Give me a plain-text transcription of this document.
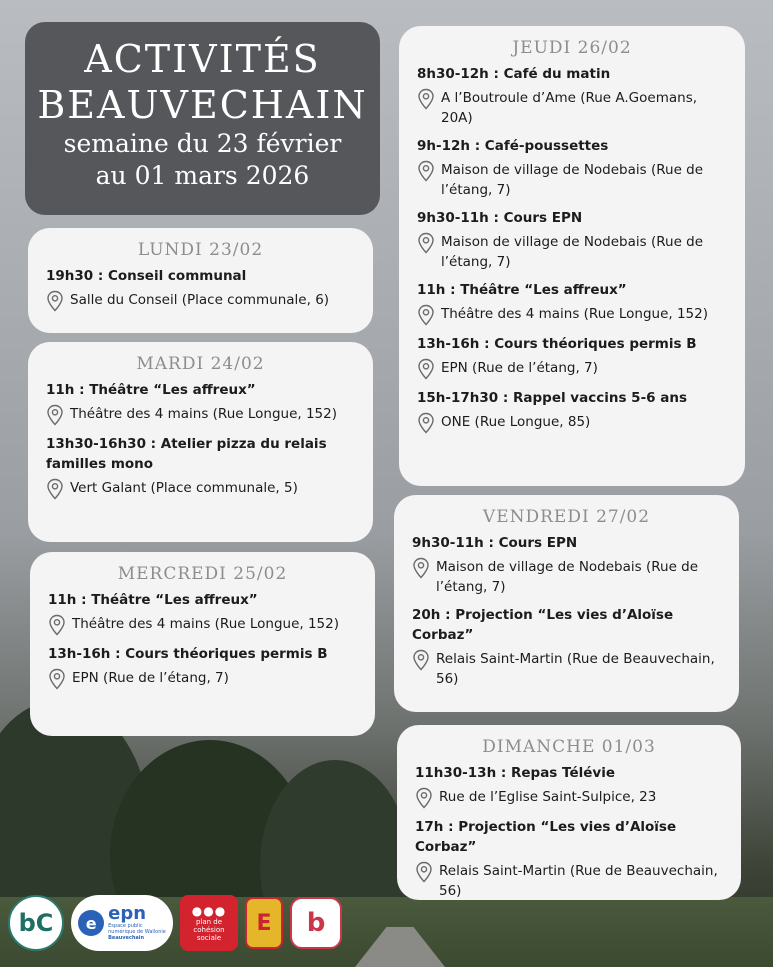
ACTIVITÉS
BEAUVECHAIN
semaine du 23 février
au 01 mars 2026
LUNDI 23/02
19h30 : Conseil communal
Salle du Conseil (Place communale, 6)
MARDI 24/02
11h : Théâtre “Les affreux”
Théâtre des 4 mains (Rue Longue, 152)
13h30-16h30 : Atelier pizza du relais familles mono
Vert Galant (Place communale, 5)
MERCREDI 25/02
11h : Théâtre “Les affreux”
Théâtre des 4 mains (Rue Longue, 152)
13h-16h : Cours théoriques permis B
EPN (Rue de l’étang, 7)
JEUDI 26/02
8h30-12h : Café du matin
A l’Boutroule d’Ame (Rue A.Goemans, 20A)
9h-12h : Café-poussettes
Maison de village de Nodebais (Rue de l’étang, 7)
9h30-11h : Cours EPN
Maison de village de Nodebais (Rue de l’étang, 7)
11h : Théâtre “Les affreux”
Théâtre des 4 mains (Rue Longue, 152)
13h-16h : Cours théoriques permis B
EPN (Rue de l’étang, 7)
15h-17h30 : Rappel vaccins 5-6 ans
ONE (Rue Longue, 85)
VENDREDI 27/02
9h30-11h : Cours EPN
Maison de village de Nodebais (Rue de l’étang, 7)
20h : Projection “Les vies d’Aloïse Corbaz”
Relais Saint-Martin (Rue de Beauvechain, 56)
DIMANCHE 01/03
11h30-13h : Repas Télévie
Rue de l’Eglise Saint-Sulpice, 23
17h : Projection “Les vies d’Aloïse Corbaz”
Relais Saint-Martin (Rue de Beauvechain, 56)
bC	e epn
Espace public
numérique de Wallonie
Beauvechain
●●●
plan de cohésion sociale
E b
